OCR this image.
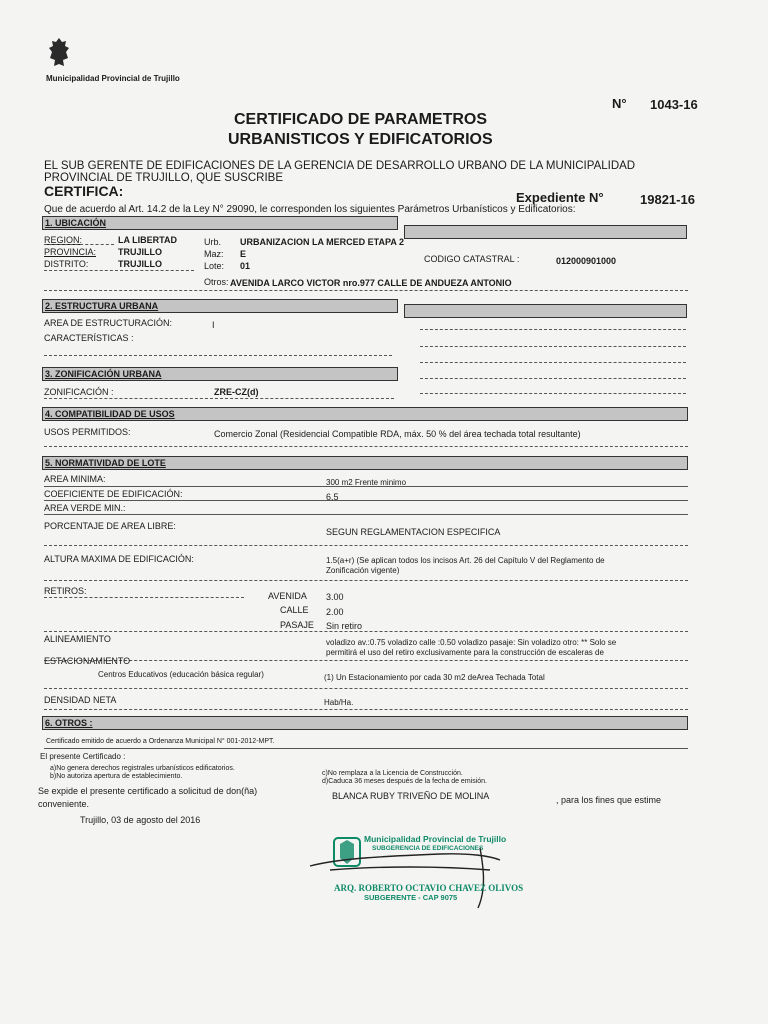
Municipalidad Provincial de Trujillo
N° 1043-16
CERTIFICADO DE PARAMETROS
URBANISTICOS Y EDIFICATORIOS
EL SUB GERENTE DE EDIFICACIONES DE LA GERENCIA DE DESARROLLO URBANO DE LA MUNICIPALIDAD
PROVINCIAL DE TRUJILLO, QUE SUSCRIBE
CERTIFICA:	Expediente N°	19821-16
Que de acuerdo al Art. 14.2 de la Ley N° 29090, le corresponden los siguientes Parámetros Urbanísticos y Edificatorios:
1. UBICACIÓN
REGION:	LA LIBERTAD
PROVINCIA: TRUJILLO
DISTRITO:	TRUJILLO
Urb. URBANIZACION LA MERCED ETAPA 2
Maz: E
Lote: 01
CODIGO CATASTRAL :	012000901000
Otros: AVENIDA LARCO VICTOR nro.977 CALLE DE ANDUEZA ANTONIO
2. ESTRUCTURA URBANA
AREA DE ESTRUCTURACIÓN:	I
CARACTERÍSTICAS :
3. ZONIFICACIÓN URBANA
ZONIFICACIÓN :	ZRE-CZ(d)
4. COMPATIBILIDAD DE USOS
USOS PERMITIDOS:	Comercio Zonal (Residencial Compatible RDA, máx. 50 % del área techada total resultante)
5. NORMATIVIDAD DE LOTE
AREA MINIMA:	300 m2 Frente minimo
COEFICIENTE DE EDIFICACIÓN:	6.5
AREA VERDE MIN.:
PORCENTAJE DE AREA LIBRE:
SEGUN REGLAMENTACION ESPECIFICA
ALTURA MAXIMA DE EDIFICACIÓN:	1.5(a+r) (Se aplican todos los incisos Art. 26 del Capítulo V del Reglamento de
Zonificación vigente)
RETIROS:	AVENIDA 3.00
CALLE 2.00
PASAJE Sin retiro
ALINEAMIENTO	voladizo av.:0.75 voladizo calle :0.50 voladizo pasaje: Sin voladizo otro: ** Solo se
permitirá el uso del retiro exclusivamente para la construcción de escaleras de
ESTACIONAMIENTO
Centros Educativos (educación básica regular)	(1) Un Estacionamiento por cada 30 m2 deArea Techada Total
DENSIDAD NETA	Hab/Ha.
6. OTROS :
Certificado emitido de acuerdo a Ordenanza Municipal N° 001-2012-MPT.
El presente Certificado :
a)No genera derechos registrales urbanísticos edificatorios.
b)No autoriza apertura de establecimiento.	c)No remplaza a la Licencia de Construcción.
d)Caduca 36 meses después de la fecha de emisión.
Se expide el presente certificado a solicitud de don(ña)
conveniente.
BLANCA RUBY TRIVEÑO DE MOLINA	, para los fines que estime
Trujillo, 03 de agosto del 2016
Municipalidad Provincial de Trujillo
SUBGERENCIA DE EDIFICACIONES
ARQ. ROBERTO OCTAVIO CHAVEZ OLIVOS
SUBGERENTE - CAP 9075
